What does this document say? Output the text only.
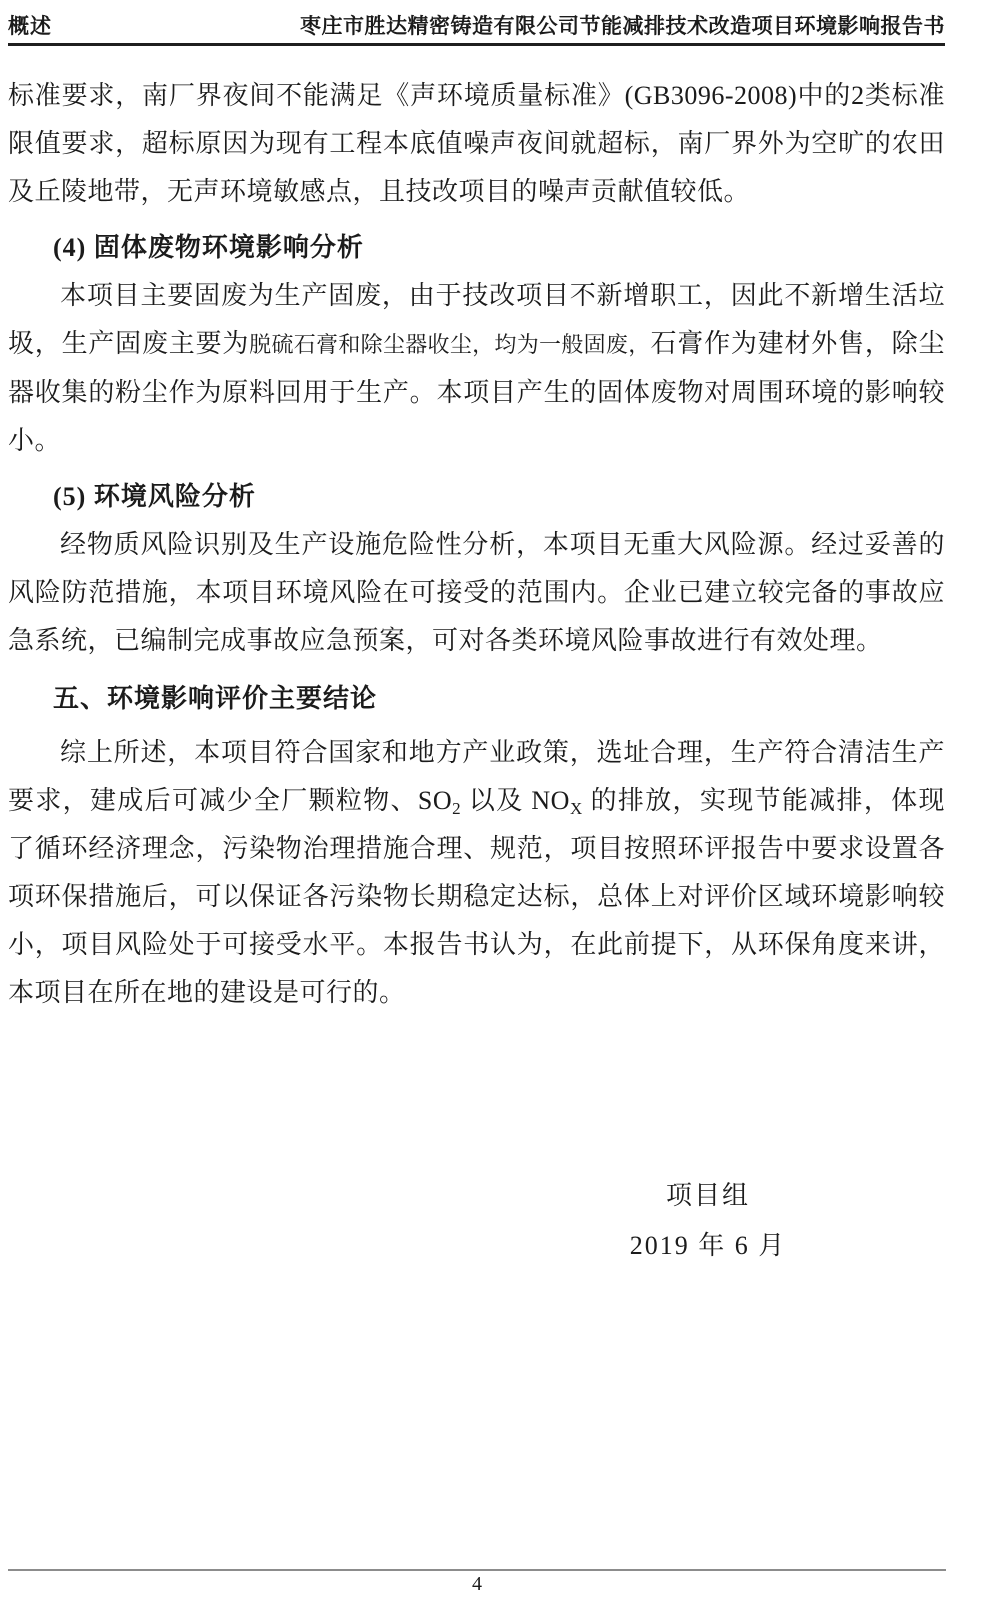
概述	枣庄市胜达精密铸造有限公司节能减排技术改造项目环境影响报告书

标准要求，南厂界夜间不能满足《声环境质量标准》(GB3096-2008)中的2类标准限值要求，超标原因为现有工程本底值噪声夜间就超标，南厂界外为空旷的农田及丘陵地带，无声环境敏感点，且技改项目的噪声贡献值较低。

(4) 固体废物环境影响分析

本项目主要固废为生产固废，由于技改项目不新增职工，因此不新增生活垃圾，生产固废主要为脱硫石膏和除尘器收尘，均为一般固废，石膏作为建材外售，除尘器收集的粉尘作为原料回用于生产。本项目产生的固体废物对周围环境的影响较小。

(5) 环境风险分析

经物质风险识别及生产设施危险性分析，本项目无重大风险源。经过妥善的风险防范措施，本项目环境风险在可接受的范围内。企业已建立较完备的事故应急系统，已编制完成事故应急预案，可对各类环境风险事故进行有效处理。

五、环境影响评价主要结论

综上所述，本项目符合国家和地方产业政策，选址合理，生产符合清洁生产要求，建成后可减少全厂颗粒物、$SO_2$ 以及 $NO_X$ 的排放，实现节能减排，体现了循环经济理念，污染物治理措施合理、规范，项目按照环评报告中要求设置各项环保措施后，可以保证各污染物长期稳定达标，总体上对评价区域环境影响较小，项目风险处于可接受水平。本报告书认为，在此前提下，从环保角度来讲，本项目在所在地的建设是可行的。

项目组
2019 年 6 月
4
